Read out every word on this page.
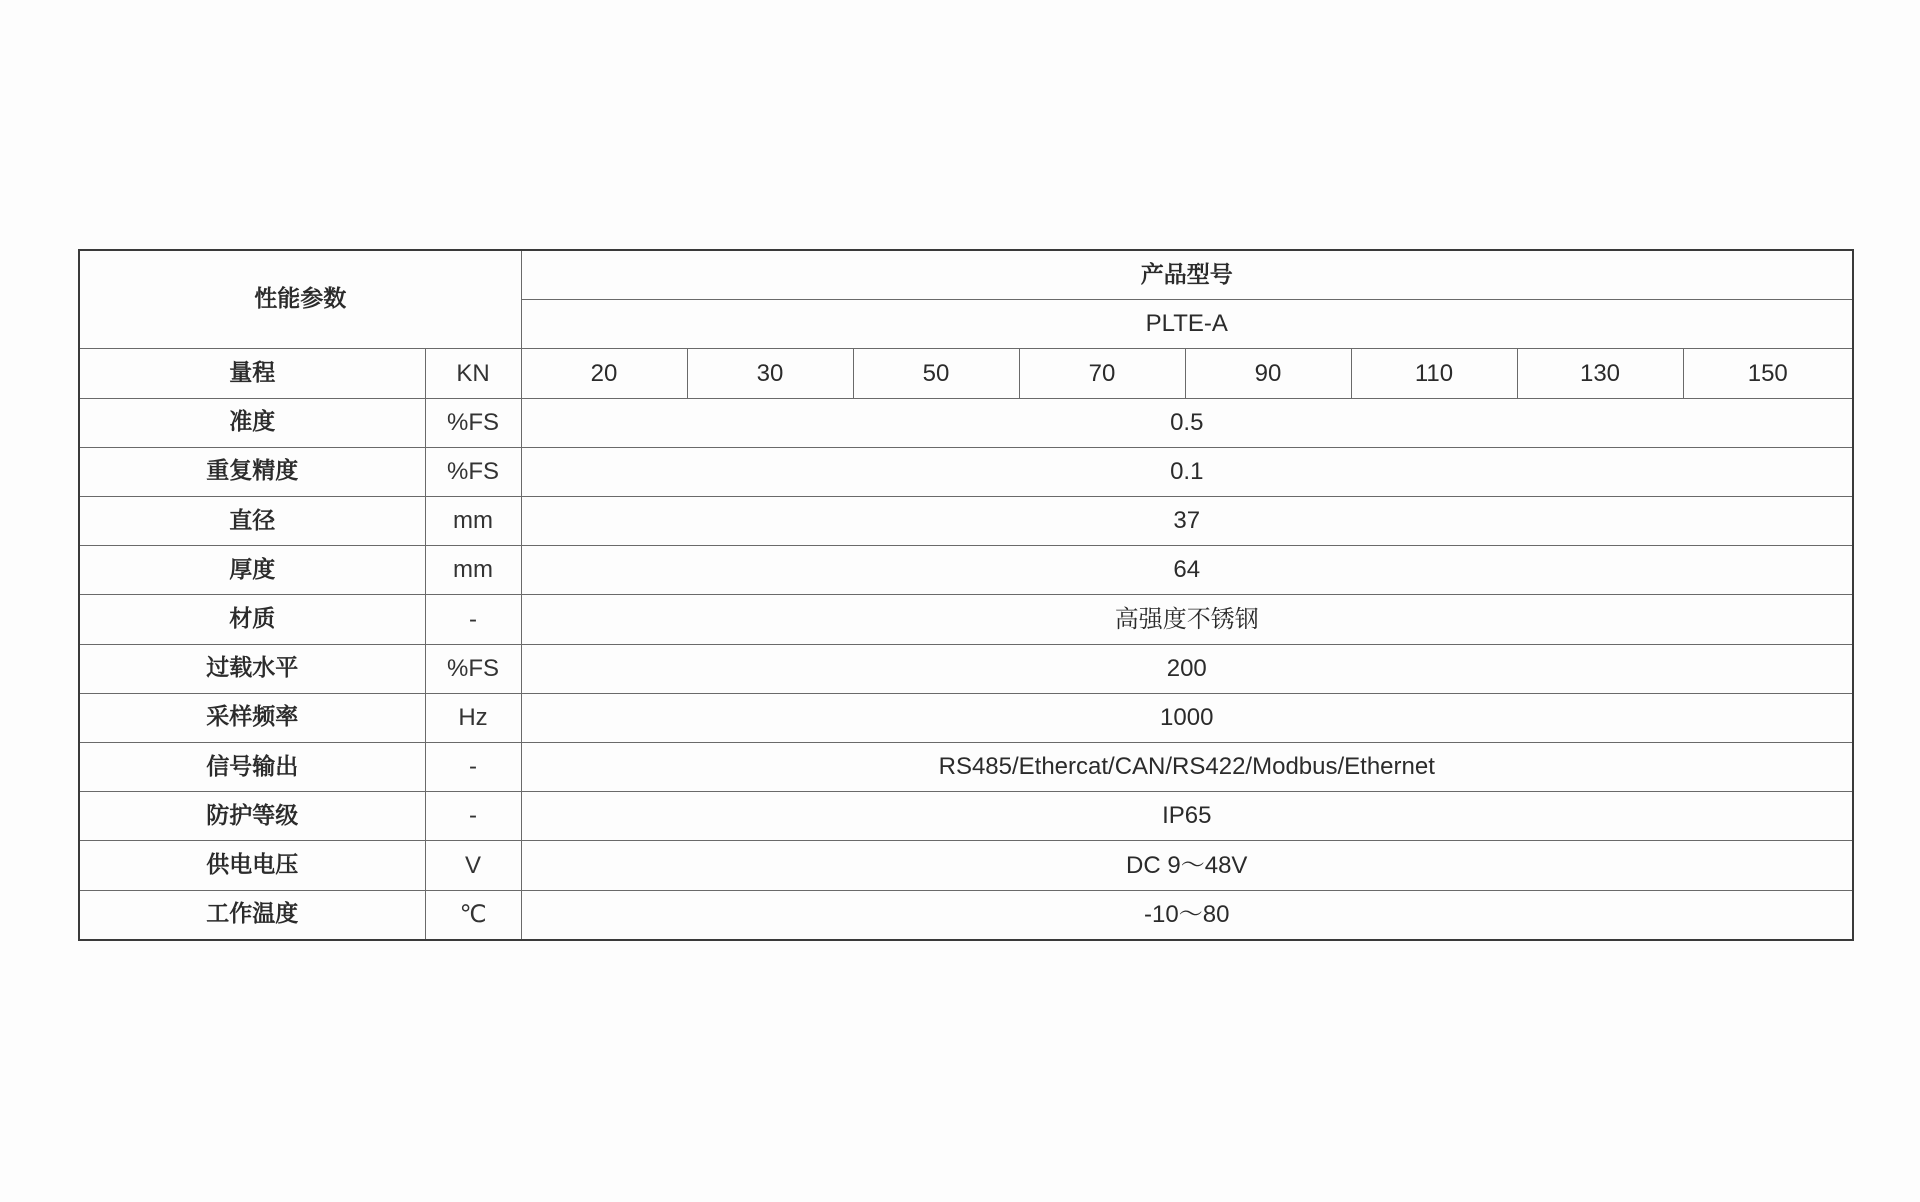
性能参数		产品型号							
		PLTE-A							
量程	KN	20	30	50	70	90	110	130	150
准度	%FS	0.5							
重复精度	%FS	0.1							
直径	mm	37							
厚度	mm	64							
材质	-	高强度不锈钢							
过载水平	%FS	200							
采样频率	Hz	1000							
信号输出	-	RS485/Ethercat/CAN/RS422/Modbus/Ethernet							
防护等级	-	IP65							
供电电压	V	DC 9～48V							
工作温度	℃	-10～80							
